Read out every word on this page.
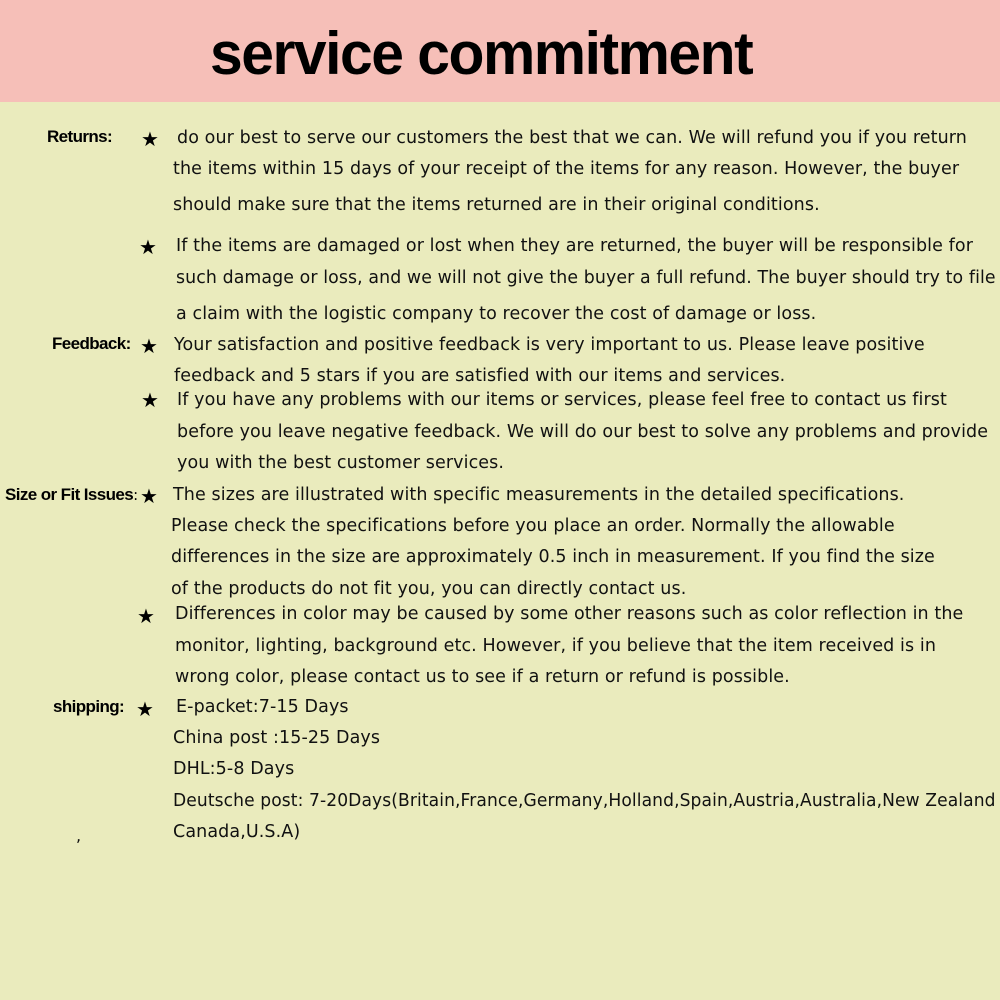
service commitment
Returns: ★ do our best to serve our customers the best that we can. We will refund you if you return

the items within 15 days of your receipt of the items for any reason. However, the buyer

should make sure that the items returned are in their original conditions.

★ If the items are damaged or lost when they are returned, the buyer will be responsible for

such damage or loss, and we will not give the buyer a full refund. The buyer should try to file

a claim with the logistic company to recover the cost of damage or loss.

Feedback: ★ Your satisfaction and positive feedback is very important to us. Please leave positive

feedback and 5 stars if you are satisfied with our items and services.

★ If you have any problems with our items or services, please feel free to contact us first

before you leave negative feedback. We will do our best to solve any problems and provide

you with the best customer services.

Size or Fit Issues: ★ The sizes are illustrated with specific measurements in the detailed specifications.

Please check the specifications before you place an order. Normally the allowable

differences in the size are approximately 0.5 inch in measurement. If you find the size

of the products do not fit you, you can directly contact us.

★ Differences in color may be caused by some other reasons such as color reflection in the

monitor, lighting, background etc. However, if you believe that the item received is in

wrong color, please contact us to see if a return or refund is possible.

shipping: ★ E-packet:7-15 Days

China post :15-25 Days

DHL:5-8 Days

Deutsche post: 7-20Days(Britain,France,Germany,Holland,Spain,Austria,Australia,New Zealand

Canada,U.S.A)

,
